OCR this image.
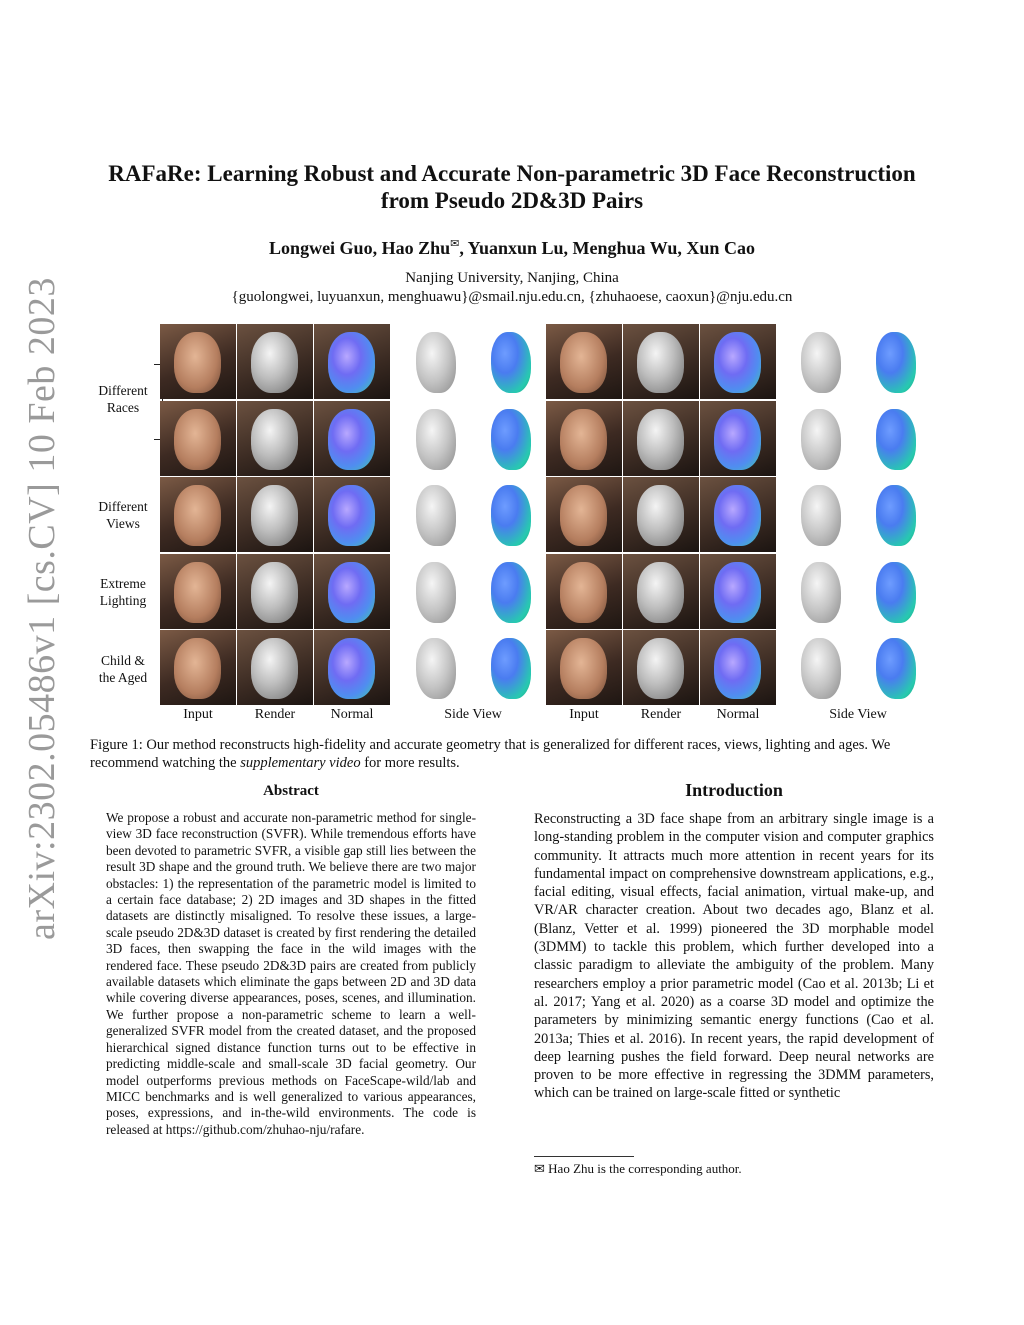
arXiv:2302.05486v1 [cs.CV] 10 Feb 2023
RAFaRe: Learning Robust and Accurate Non-parametric 3D Face Reconstruction
from Pseudo 2D&3D Pairs
Longwei Guo, Hao Zhu✉, Yuanxun Lu, Menghua Wu, Xun Cao
Nanjing University, Nanjing, China
{guolongwei, luyuanxun, menghuawu}@smail.nju.edu.cn, {zhuhaoese, caoxun}@nju.edu.cn
Different
Races
Different
Views
Extreme
Lighting
Child &
the Aged
Input	Render	Normal	Side View	Input	Render	Normal	Side View
Figure 1: Our method reconstructs high-fidelity and accurate geometry that is generalized for different races, views, lighting and ages. We recommend watching the supplementary video for more results.
Abstract
We propose a robust and accurate non-parametric method for single-view 3D face reconstruction (SVFR). While tremendous efforts have been devoted to parametric SVFR, a visible gap still lies between the result 3D shape and the ground truth. We believe there are two major obstacles: 1) the representation of the parametric model is limited to a certain face database; 2) 2D images and 3D shapes in the fitted datasets are distinctly misaligned. To resolve these issues, a large-scale pseudo 2D&3D dataset is created by first rendering the detailed 3D faces, then swapping the face in the wild images with the rendered face. These pseudo 2D&3D pairs are created from publicly available datasets which eliminate the gaps between 2D and 3D data while covering diverse appearances, poses, scenes, and illumination. We further propose a non-parametric scheme to learn a well-generalized SVFR model from the created dataset, and the proposed hierarchical signed distance function turns out to be effective in predicting middle-scale and small-scale 3D facial geometry. Our model outperforms previous methods on FaceScape-wild/lab and MICC benchmarks and is well generalized to various appearances, poses, expressions, and in-the-wild environments. The code is released at https://github.com/zhuhao-nju/rafare.
Introduction
Reconstructing a 3D face shape from an arbitrary single image is a long-standing problem in the computer vision and computer graphics community. It attracts much more attention in recent years for its fundamental impact on comprehensive downstream applications, e.g., facial editing, visual effects, facial animation, virtual make-up, and VR/AR character creation. About two decades ago, Blanz et al. (Blanz, Vetter et al. 1999) pioneered the 3D morphable model (3DMM) to tackle this problem, which further developed into a classic paradigm to alleviate the ambiguity of the problem. Many researchers employ a prior parametric model (Cao et al. 2013b; Li et al. 2017; Yang et al. 2020) as a coarse 3D model and optimize the parameters by minimizing semantic energy functions (Cao et al. 2013a; Thies et al. 2016). In recent years, the rapid development of deep learning pushes the field forward. Deep neural networks are proven to be more effective in regressing the 3DMM parameters, which can be trained on large-scale fitted or synthetic
✉ Hao Zhu is the corresponding author.
